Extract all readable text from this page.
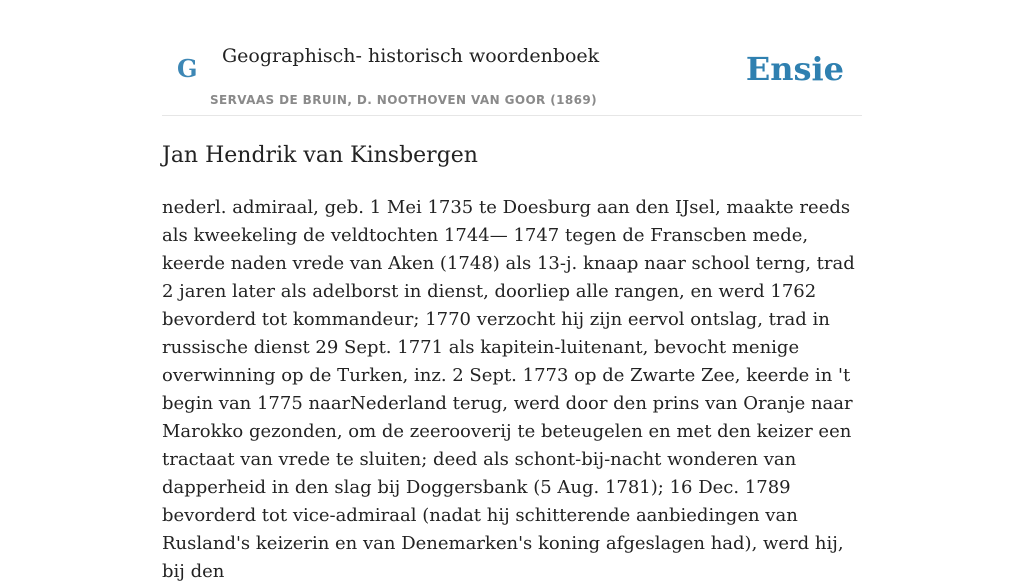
G Geographisch- historisch woordenboek
SERVAAS DE BRUIN, D. NOOTHOVEN VAN GOOR (1869)
Ensie
Jan Hendrik van Kinsbergen

nederl. admiraal, geb. 1 Mei 1735 te Doesburg aan den IJsel, maakte reeds als kweekeling de veldtochten 1744— 1747 tegen de Franscben mede, keerde naden vrede van Aken (1748) als 13-j. knaap naar school terng, trad 2 jaren later als adelborst in dienst, doorliep alle rangen, en werd 1762 bevorderd tot kommandeur; 1770 verzocht hij zijn eervol ontslag, trad in russische dienst 29 Sept. 1771 als kapitein-luitenant, bevocht menige overwinning op de Turken, inz. 2 Sept. 1773 op de Zwarte Zee, keerde in 't begin van 1775 naarNederland terug, werd door den prins van Oranje naar Marokko gezonden, om de zeerooverij te beteugelen en met den keizer een tractaat van vrede te sluiten; deed als schont-bij-nacht wonderen van dapperheid in den slag bij Doggersbank (5 Aug. 1781); 16 Dec. 1789 bevorderd tot vice-admiraal (nadat hij schitterende aanbiedingen van Rusland's keizerin en van Denemarken's koning afgeslagen had), werd hij, bij den
